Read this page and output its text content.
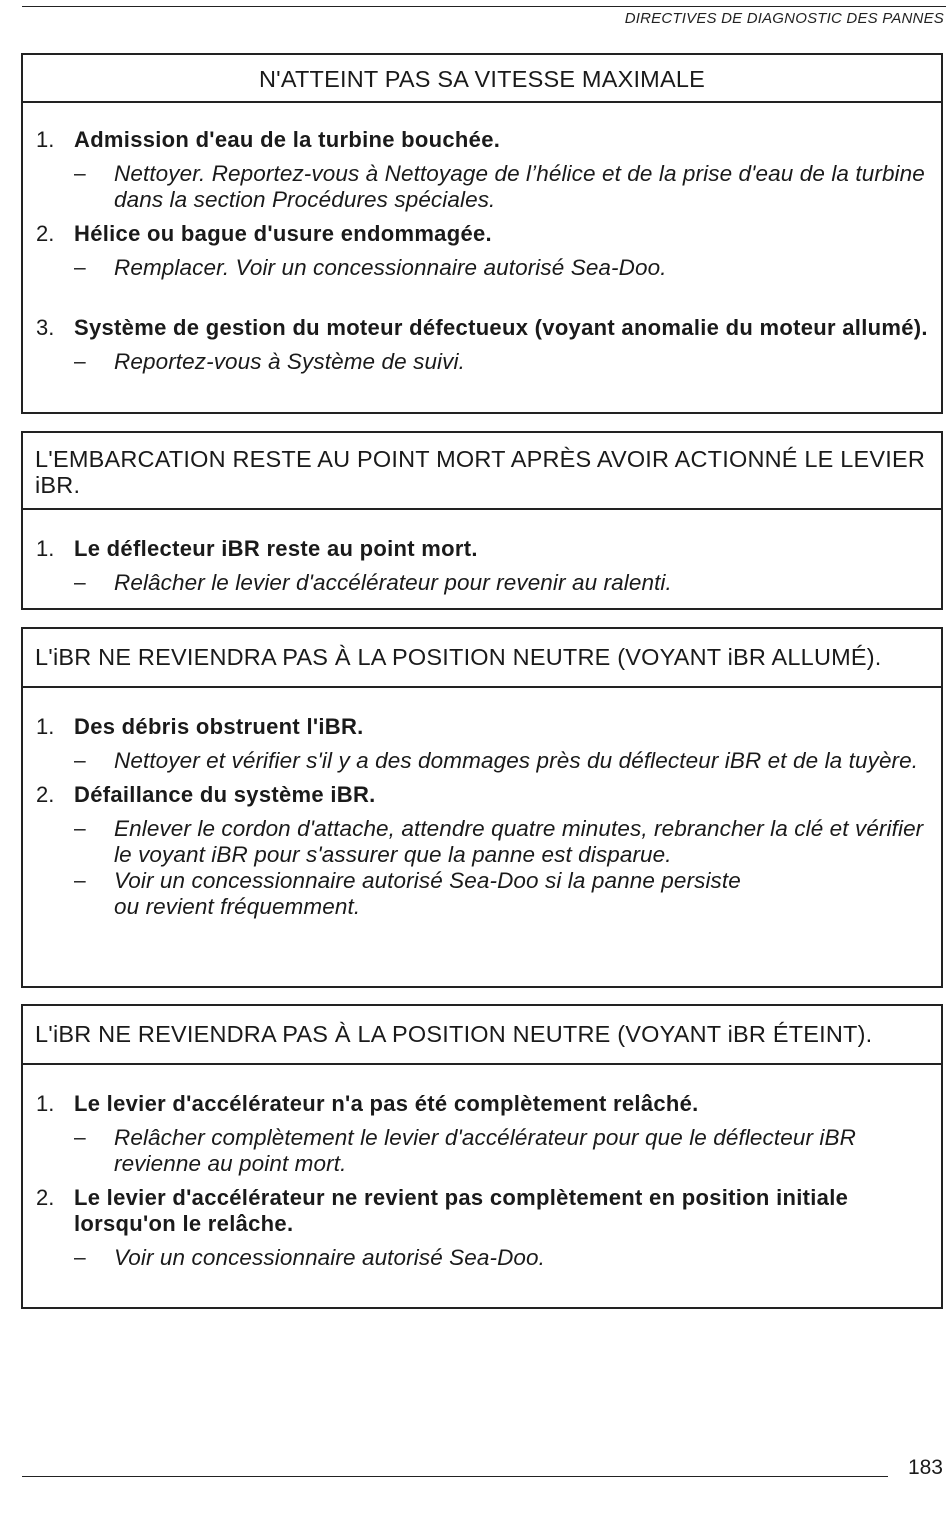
DIRECTIVES DE DIAGNOSTIC DES PANNES
N'ATTEINT PAS SA VITESSE MAXIMALE
1. Admission d'eau de la turbine bouchée.
–	Nettoyer. Reportez-vous à Nettoyage de l’hélice et de la prise d'eau de la turbine dans la section Procédures spéciales.
2. Hélice ou bague d'usure endommagée.
–	Remplacer. Voir un concessionnaire autorisé Sea-Doo.
3. Système de gestion du moteur défectueux (voyant anomalie du moteur allumé).
–	Reportez-vous à Système de suivi.
L'EMBARCATION RESTE AU POINT MORT APRÈS AVOIR ACTIONNÉ LE LEVIER iBR.
1. Le déflecteur iBR reste au point mort.
–	Relâcher le levier d'accélérateur pour revenir au ralenti.
L'iBR NE REVIENDRA PAS À LA POSITION NEUTRE (VOYANT iBR ALLUMÉ).
1. Des débris obstruent l'iBR.
–	Nettoyer et vérifier s'il y a des dommages près du déflecteur iBR et de la tuyère.
2. Défaillance du système iBR.
–	Enlever le cordon d'attache, attendre quatre minutes, rebrancher la clé et vérifier le voyant iBR pour s'assurer que la panne est disparue.
–	Voir un concessionnaire autorisé Sea-Doo si la panne persiste ou revient fréquemment.
L'iBR NE REVIENDRA PAS À LA POSITION NEUTRE (VOYANT iBR ÉTEINT).
1. Le levier d'accélérateur n'a pas été complètement relâché.
–	Relâcher complètement le levier d'accélérateur pour que le déflecteur iBR revienne au point mort.
2. Le levier d'accélérateur ne revient pas complètement en position initiale lorsqu'on le relâche.
–	Voir un concessionnaire autorisé Sea-Doo.
183
